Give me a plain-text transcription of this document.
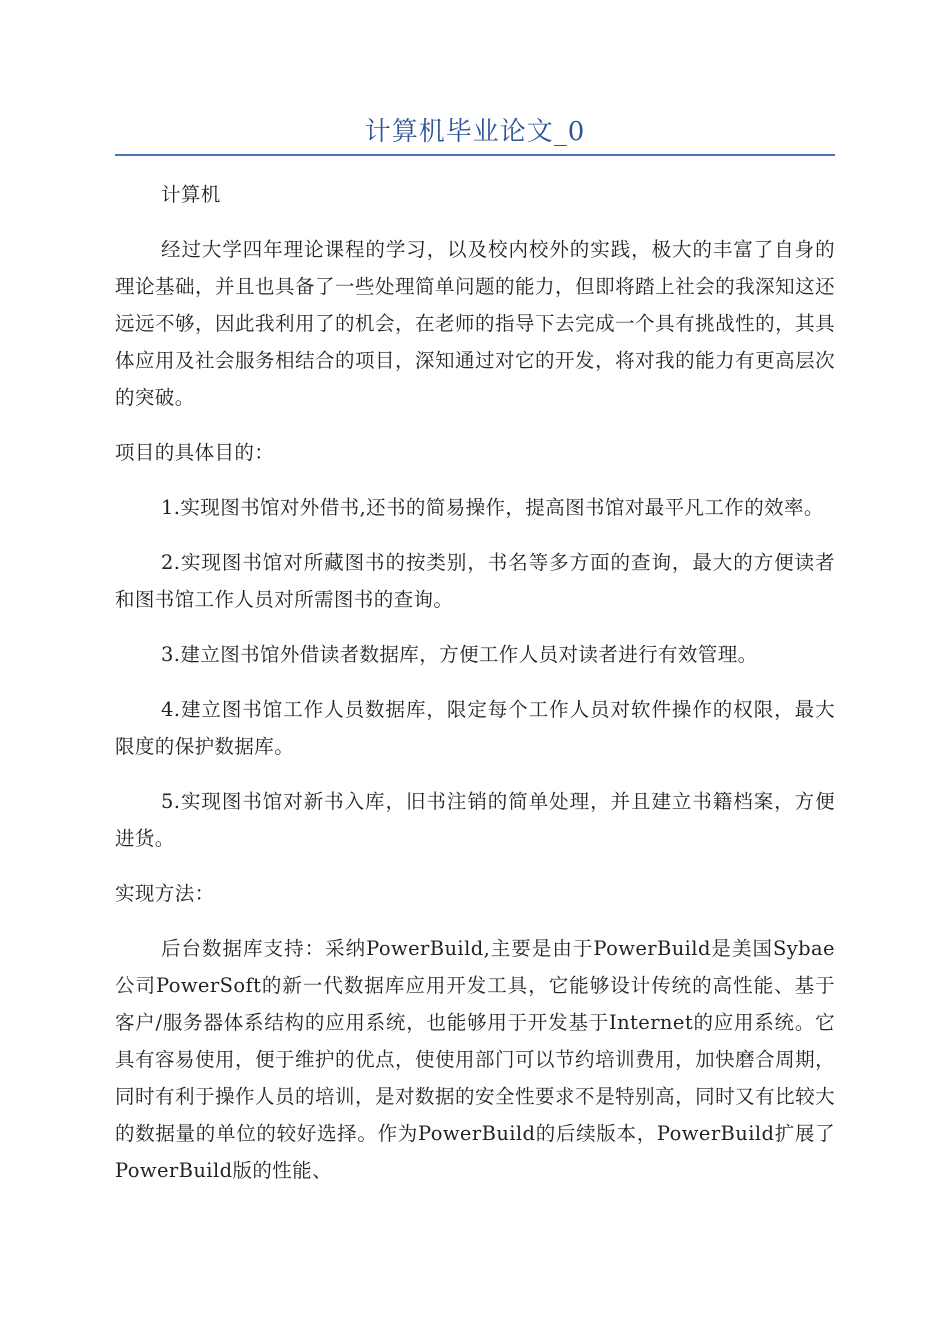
计算机毕业论文_0

计算机

经过大学四年理论课程的学习，以及校内校外的实践，极大的丰富了自身的理论基础，并且也具备了一些处理简单问题的能力，但即将踏上社会的我深知这还远远不够，因此我利用了的机会，在老师的指导下去完成一个具有挑战性的，其具体应用及社会服务相结合的项目，深知通过对它的开发，将对我的能力有更高层次的突破。

项目的具体目的：

1.实现图书馆对外借书,还书的简易操作，提高图书馆对最平凡工作的效率。

2.实现图书馆对所藏图书的按类别，书名等多方面的查询，最大的方便读者和图书馆工作人员对所需图书的查询。

3.建立图书馆外借读者数据库，方便工作人员对读者进行有效管理。

4.建立图书馆工作人员数据库，限定每个工作人员对软件操作的权限，最大限度的保护数据库。

5.实现图书馆对新书入库，旧书注销的简单处理，并且建立书籍档案，方便进货。

实现方法：

后台数据库支持：采纳PowerBuild,主要是由于PowerBuild是美国Sybae公司PowerSoft的新一代数据库应用开发工具，它能够设计传统的高性能、基于客户/服务器体系结构的应用系统，也能够用于开发基于Internet的应用系统。它具有容易使用，便于维护的优点，使使用部门可以节约培训费用，加快磨合周期，同时有利于操作人员的培训，是对数据的安全性要求不是特别高，同时又有比较大的数据量的单位的较好选择。作为PowerBuild的后续版本，PowerBuild扩展了PowerBuild版的性能、
